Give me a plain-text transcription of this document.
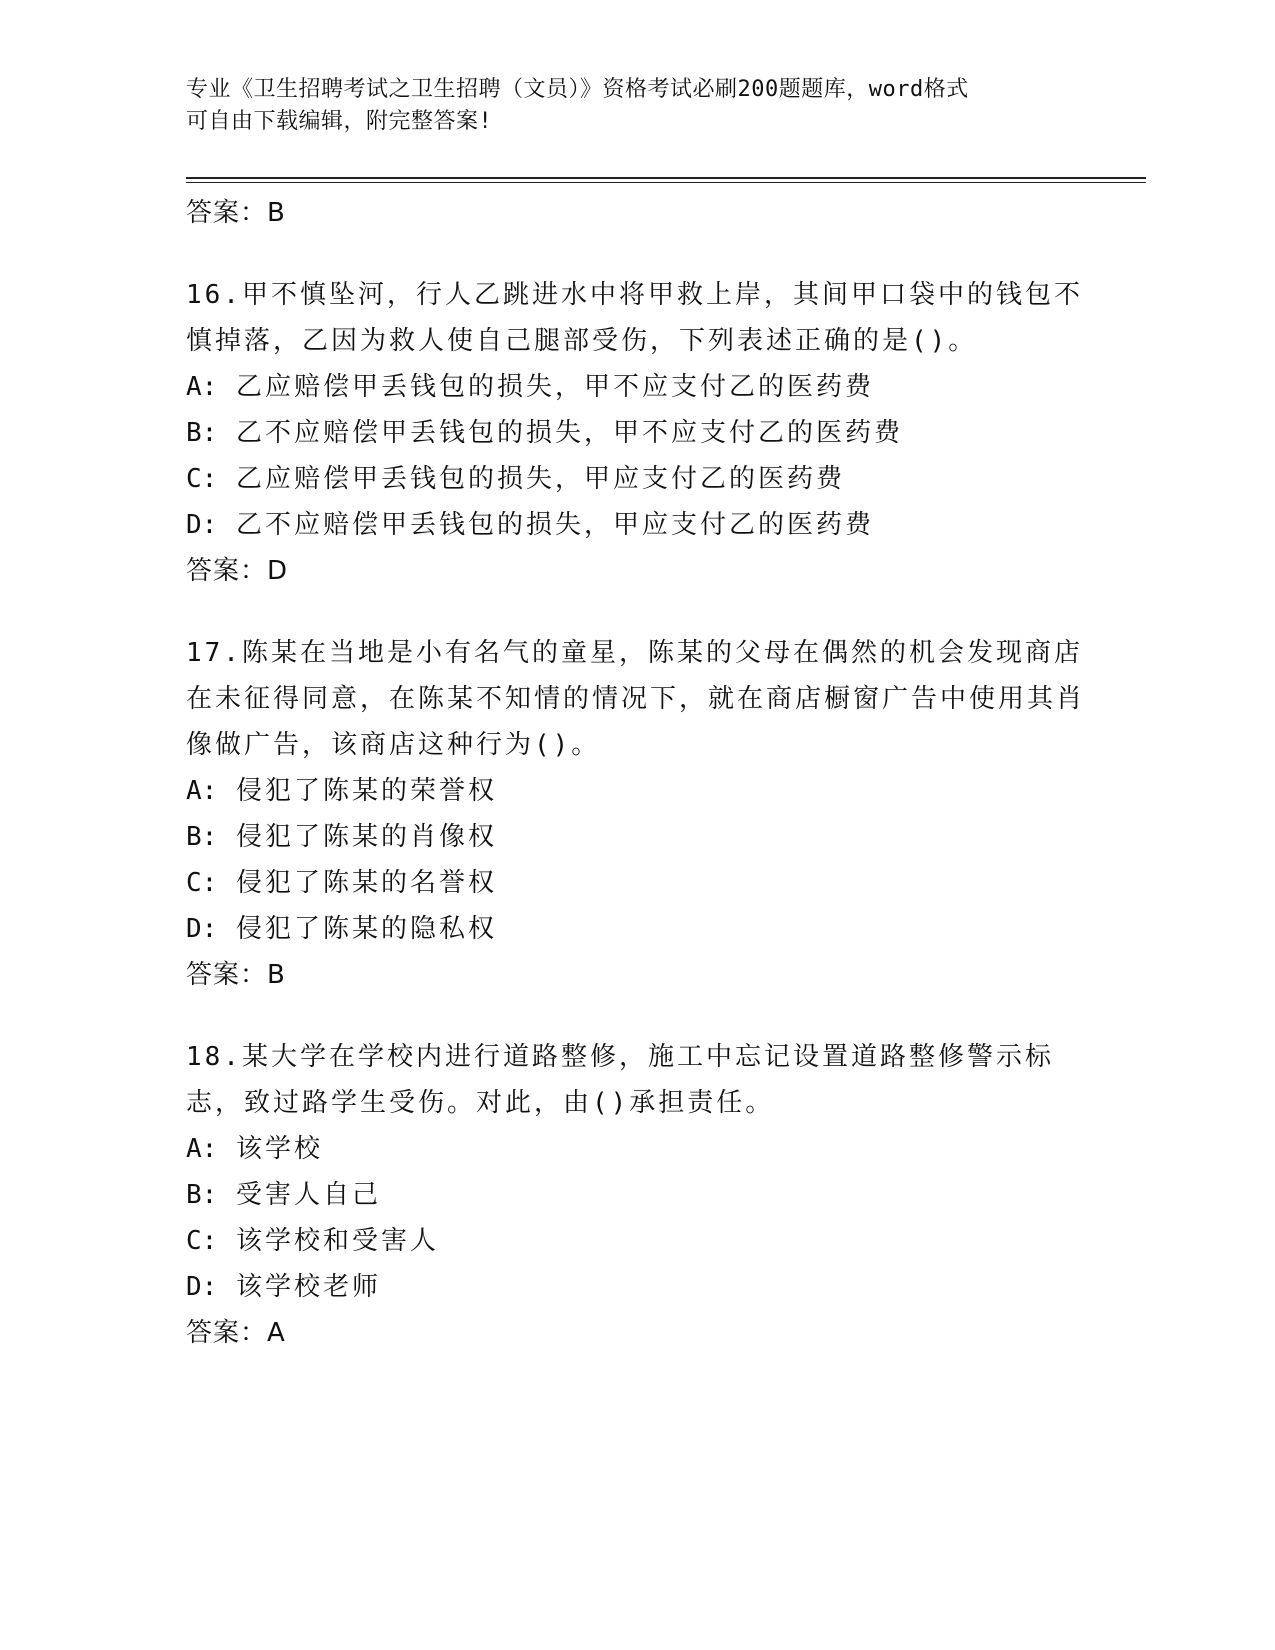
专业《卫生招聘考试之卫生招聘（文员）》资格考试必刷200题题库，word格式
可自由下载编辑，附完整答案!
答案：B

16.甲不慎坠河，行人乙跳进水中将甲救上岸，其间甲口袋中的钱包不慎掉落，乙因为救人使自己腿部受伤，下列表述正确的是()。

A: 乙应赔偿甲丢钱包的损失，甲不应支付乙的医药费
B: 乙不应赔偿甲丢钱包的损失，甲不应支付乙的医药费
C: 乙应赔偿甲丢钱包的损失，甲应支付乙的医药费
D: 乙不应赔偿甲丢钱包的损失，甲应支付乙的医药费
答案：D

17.陈某在当地是小有名气的童星，陈某的父母在偶然的机会发现商店在未征得同意，在陈某不知情的情况下，就在商店橱窗广告中使用其肖像做广告，该商店这种行为()。

A: 侵犯了陈某的荣誉权
B: 侵犯了陈某的肖像权
C: 侵犯了陈某的名誉权
D: 侵犯了陈某的隐私权
答案：B

18.某大学在学校内进行道路整修，施工中忘记设置道路整修警示标志，致过路学生受伤。对此，由()承担责任。

A: 该学校
B: 受害人自己
C: 该学校和受害人
D: 该学校老师
答案：A
